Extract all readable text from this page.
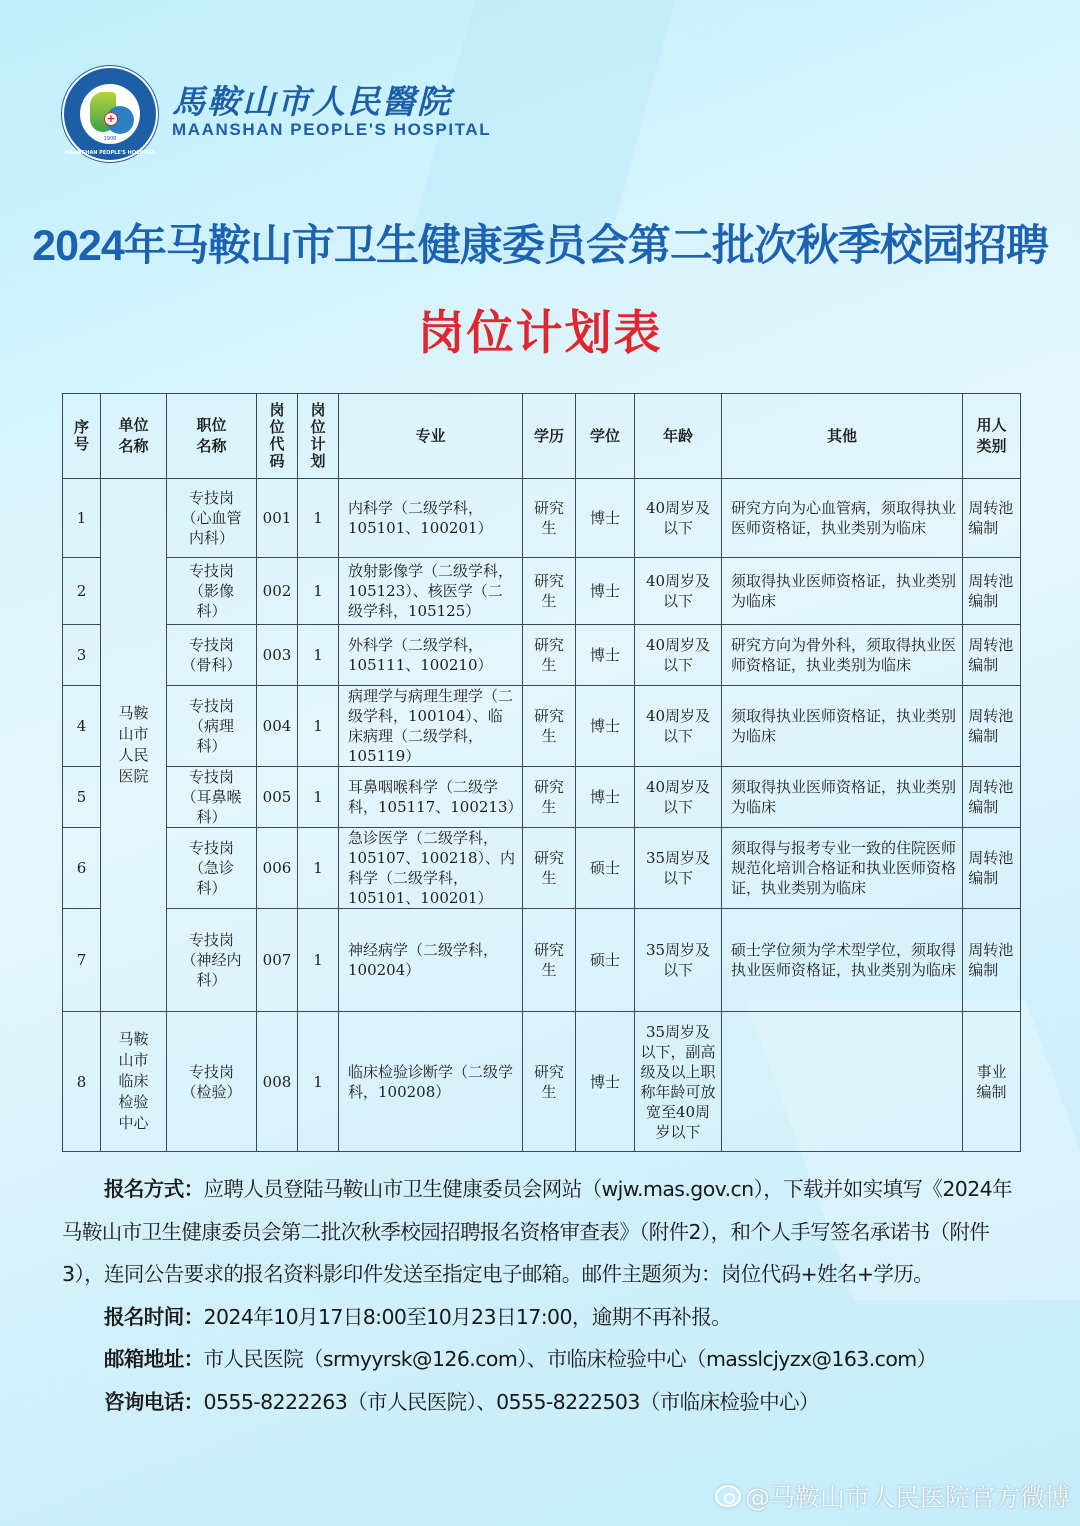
+
1908
MAANSHAN PEOPLE'S HOSPITAL
馬鞍山市人民醫院
MAANSHAN PEOPLE'S HOSPITAL
2024年马鞍山市卫生健康委员会第二批次秋季校园招聘
岗位计划表
序号	单位名称	职位名称	岗位代码	岗位计划	专业	学历	学位	年龄	其他	用人类别
1	马鞍山市人民医院	专技岗（心血管内科）	001	1	内科学（二级学科，105101、100201）	研究生	博士	40周岁及以下	研究方向为心血管病，须取得执业医师资格证，执业类别为临床	周转池编制
2		专技岗（影像科）	002	1	放射影像学（二级学科，105123）、核医学（二级学科，105125）	研究生	博士	40周岁及以下	须取得执业医师资格证，执业类别为临床	周转池编制
3		专技岗（骨科）	003	1	外科学（二级学科，105111、100210）	研究生	博士	40周岁及以下	研究方向为骨外科，须取得执业医师资格证，执业类别为临床	周转池编制
4		专技岗（病理科）	004	1	病理学与病理生理学（二级学科，100104）、临床病理（二级学科，105119）	研究生	博士	40周岁及以下	须取得执业医师资格证，执业类别为临床	周转池编制
5		专技岗（耳鼻喉科）	005	1	耳鼻咽喉科学（二级学科，105117、100213）	研究生	博士	40周岁及以下	须取得执业医师资格证，执业类别为临床	周转池编制
6		专技岗（急诊科）	006	1	急诊医学（二级学科，105107、100218）、内科学（二级学科，105101、100201）	研究生	硕士	35周岁及以下	须取得与报考专业一致的住院医师规范化培训合格证和执业医师资格证，执业类别为临床	周转池编制
7		专技岗（神经内科）	007	1	神经病学（二级学科，100204）	研究生	硕士	35周岁及以下	硕士学位须为学术型学位，须取得执业医师资格证，执业类别为临床	周转池编制
8	马鞍山市临床检验中心	专技岗（检验）	008	1	临床检验诊断学（二级学科，100208）	研究生	博士	35周岁及以下，副高级及以上职称年龄可放宽至40周岁以下		事业编制

报名方式：应聘人员登陆马鞍山市卫生健康委员会网站（wjw.mas.gov.cn），下载并如实填写《2024年马鞍山市卫生健康委员会第二批次秋季校园招聘报名资格审查表》（附件2），和个人手写签名承诺书（附件3），连同公告要求的报名资料影印件发送至指定电子邮箱。邮件主题须为：岗位代码+姓名+学历。

报名时间：2024年10月17日8:00至10月23日17:00，逾期不再补报。
邮箱地址：市人民医院（srmyyrsk@126.com）、市临床检验中心（masslcjyzx@163.com）
咨询电话：0555-8222263（市人民医院）、0555-8222503（市临床检验中心）
@马鞍山市人民医院官方微博
